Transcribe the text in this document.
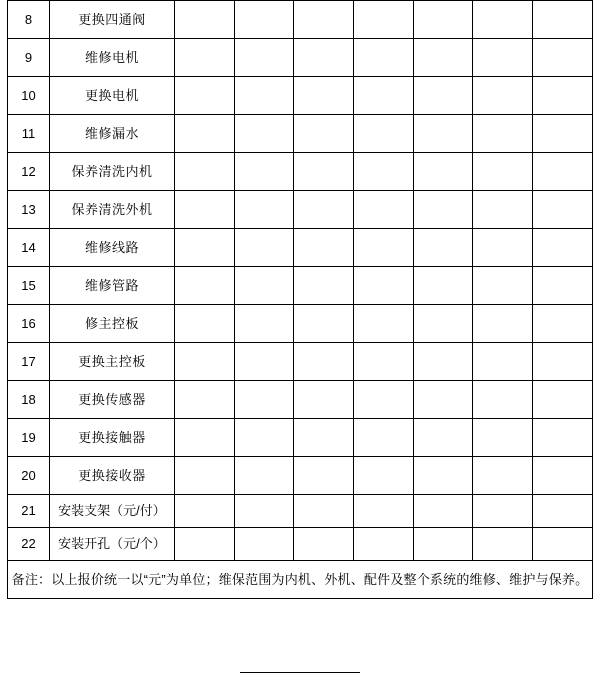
8	更换四通阀							
9	维修电机							
10	更换电机							
11	维修漏水							
12	保养清洗内机							
13	保养清洗外机							
14	维修线路							
15	维修管路							
16	修主控板							
17	更换主控板							
18	更换传感器							
19	更换接触器							
20	更换接收器							
21	安装支架（元/付）							
22	安装开孔（元/个）							

备注：以上报价统一以“元”为单位；维保范围为内机、外机、配件及整个系统的维修、维护与保养。								
